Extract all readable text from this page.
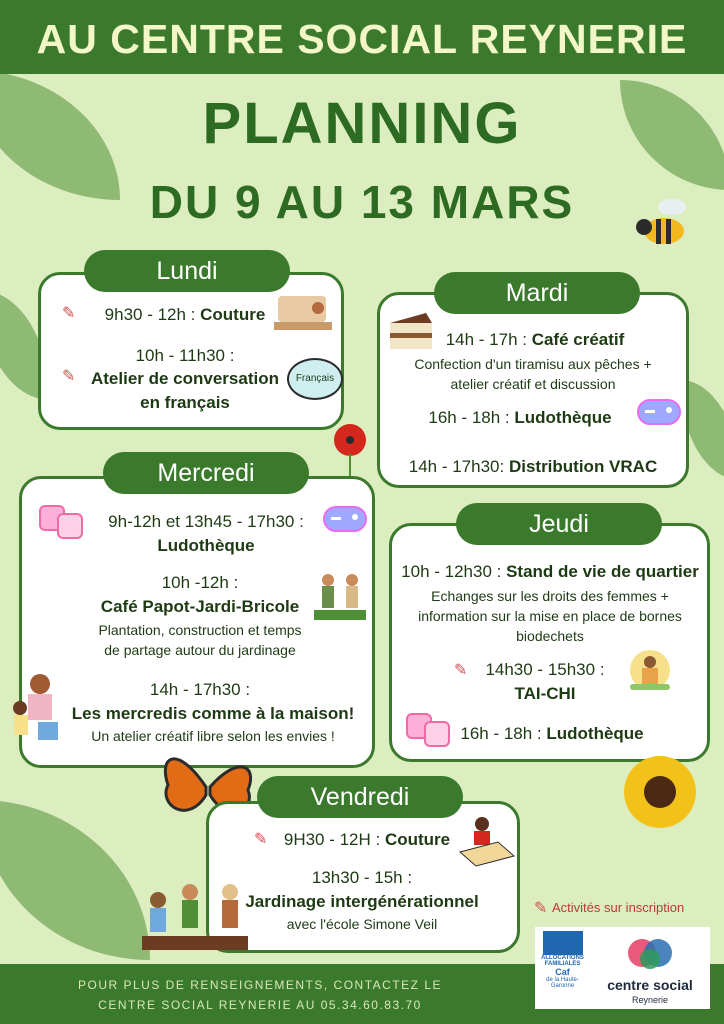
AU CENTRE SOCIAL REYNERIE
PLANNING
DU 9 AU 13 MARS
Lundi
✎	9h30 - 12h : Couture
10h - 11h30 :
✎ Atelier de conversation
en français
Français
Mardi
14h - 17h : Café créatif
Confection d'un tiramisu aux pêches +
atelier créatif et discussion
16h - 18h : Ludothèque
14h - 17h30: Distribution VRAC
Mercredi
9h-12h et 13h45 - 17h30 :
Ludothèque
10h -12h :
Café Papot-Jardi-Bricole
Plantation, construction et temps
de partage autour du jardinage
14h - 17h30 :
Les mercredis comme à la maison!
Un atelier créatif libre selon les envies !
Jeudi
10h - 12h30 : Stand de vie de quartier
Echanges sur les droits des femmes +
information sur la mise en place de bornes
biodechets
✎	14h30 - 15h30 :
TAI-CHI
16h - 18h : Ludothèque
Vendredi
✎ 9H30 - 12H : Couture
13h30 - 15h :
Jardinage intergénérationnel
avec l'école Simone Veil
✎ Activités sur inscription
POUR PLUS DE RENSEIGNEMENTS, CONTACTEZ LE
CENTRE SOCIAL REYNERIE AU 05.34.60.83.70
ALLOCATIONS
FAMILIALES
Caf
de la Haute-
Garonne	centre social
Reynerie
